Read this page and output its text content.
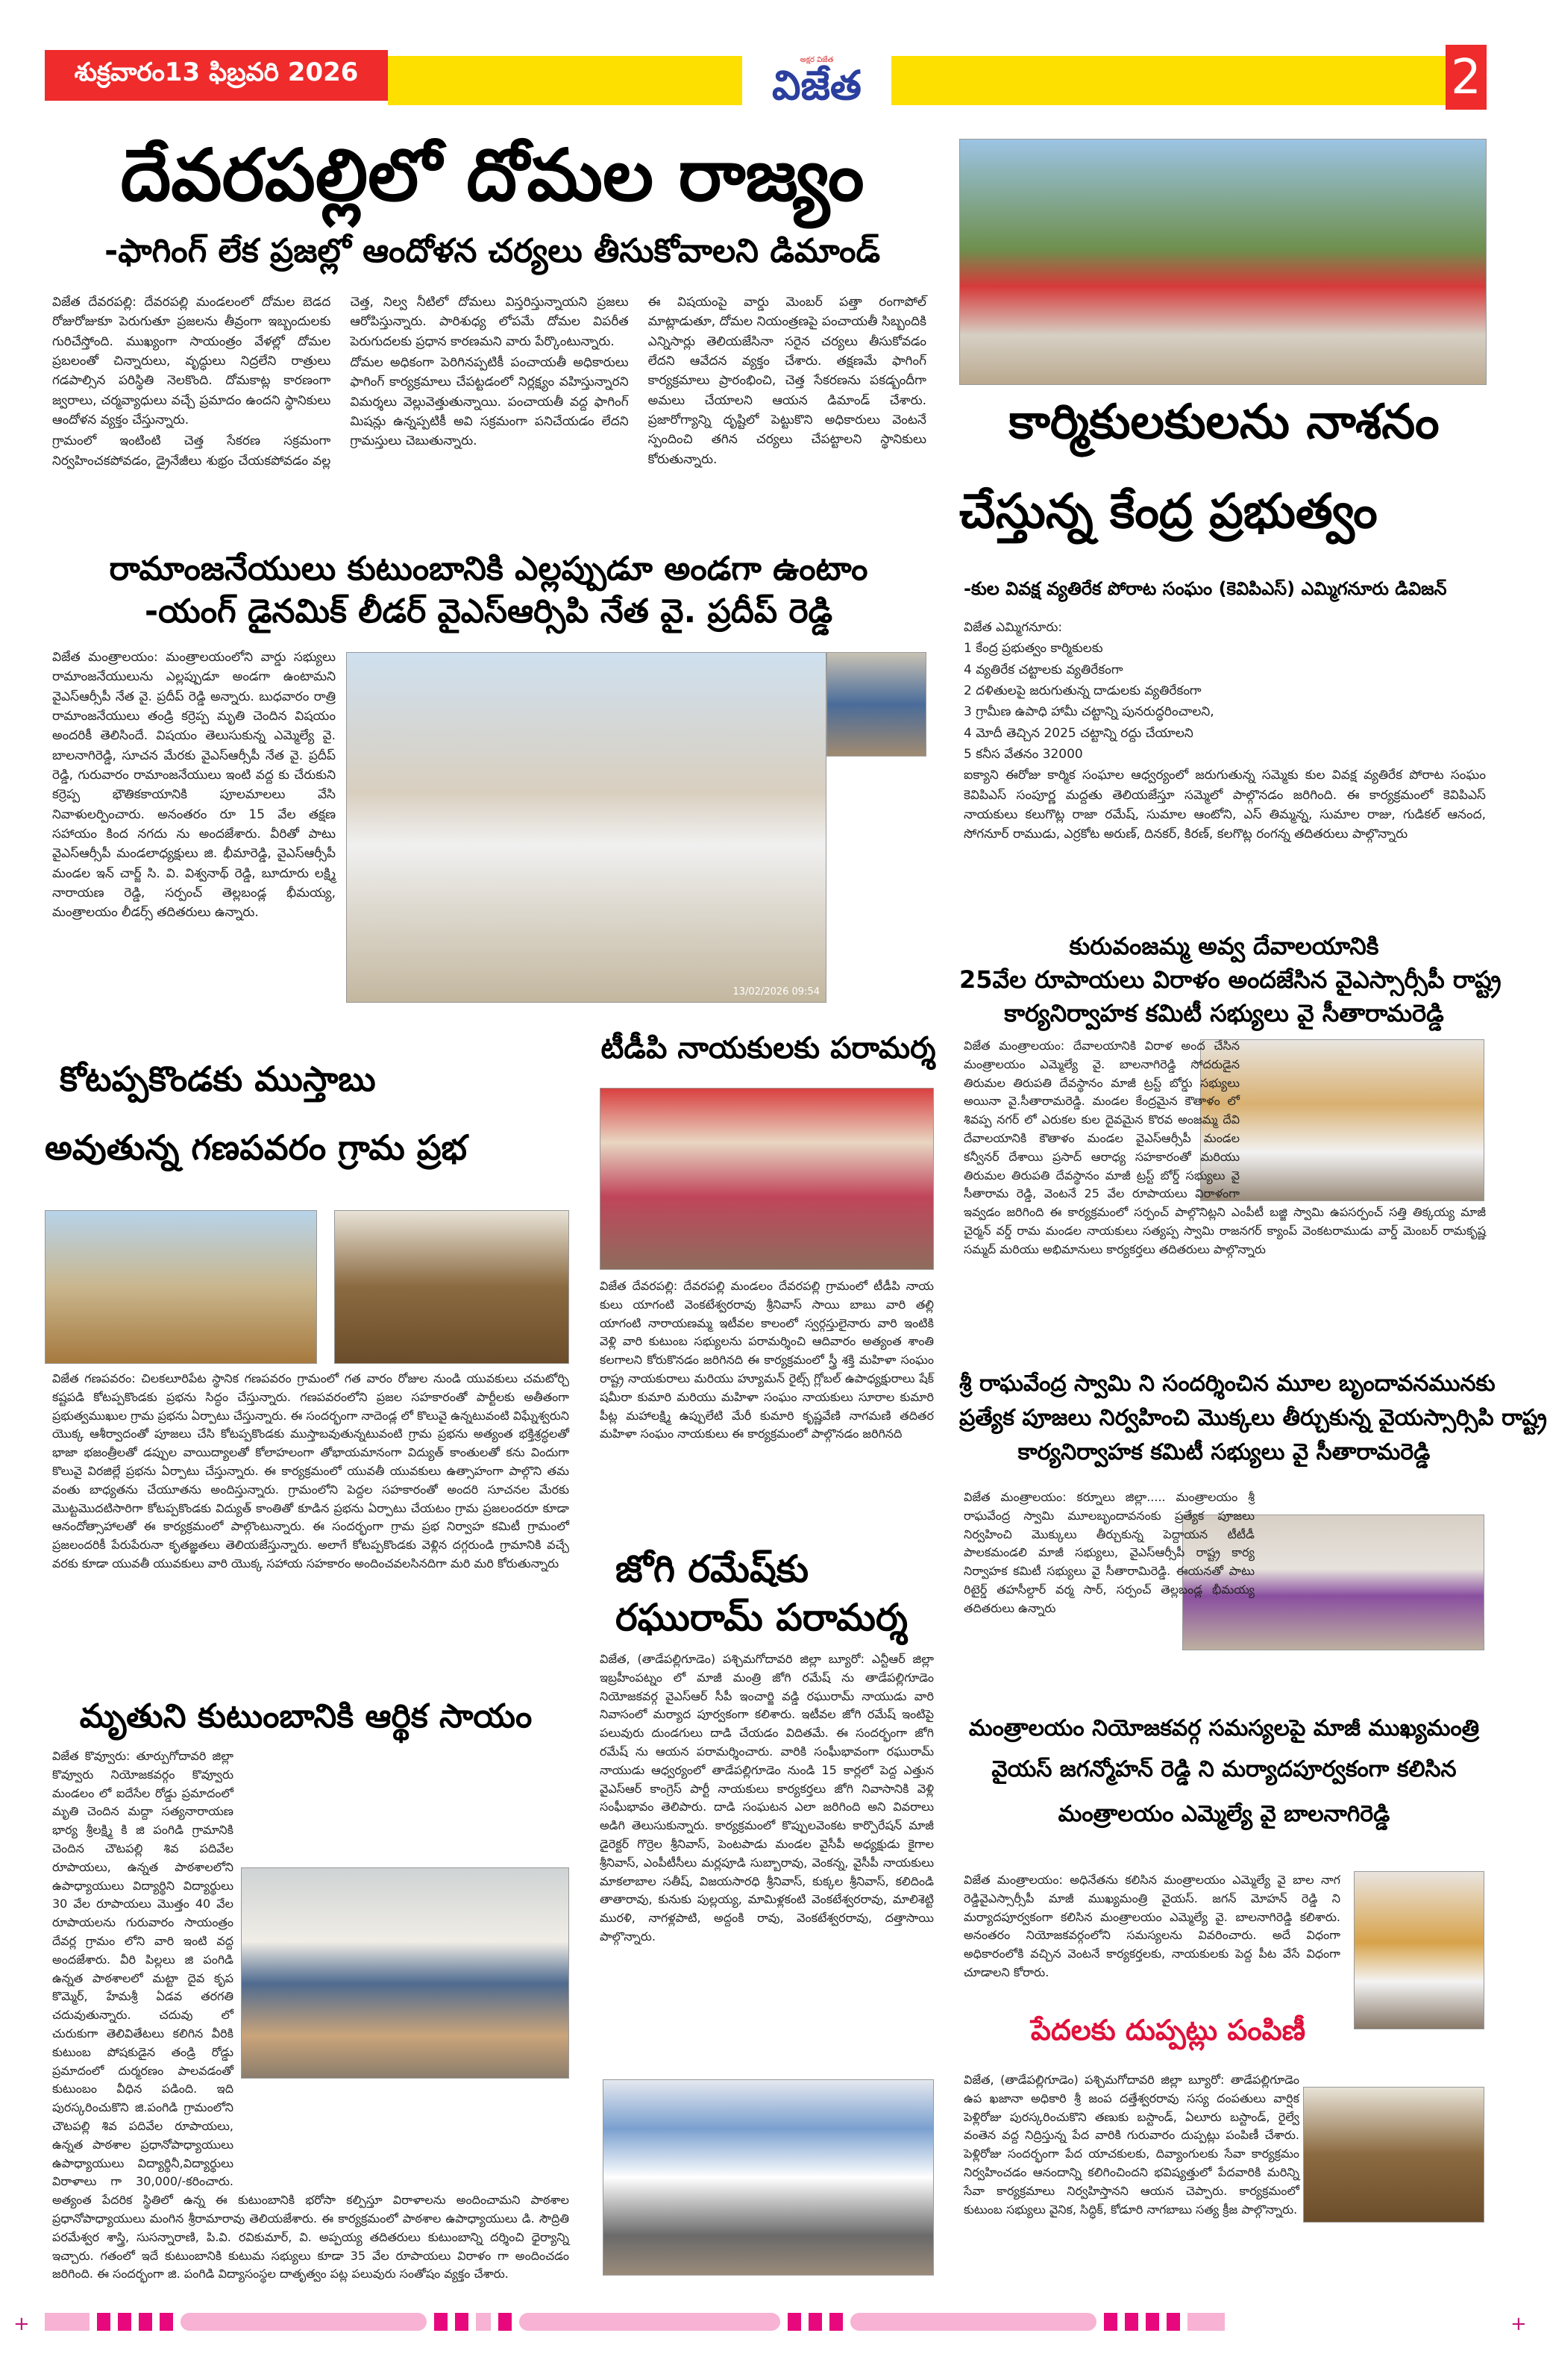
శుక్రవారం13 ఫిబ్రవరి 2026	అక్షర విజేత
విజేత	2
దేవరపల్లిలో దోమల రాజ్యం
-ఫాగింగ్ లేక ప్రజల్లో ఆందోళన చర్యలు తీసుకోవాలని డిమాండ్

విజేత దేవరపల్లి: దేవరపల్లి మండలంలో దోమల బెడద రోజురోజుకూ పెరుగుతూ ప్రజలను తీవ్రంగా ఇబ్బందులకు గురిచేస్తోంది. ముఖ్యంగా సాయంత్రం వేళల్లో దోమల ప్రబలంతో చిన్నారులు, వృద్ధులు నిద్రలేని రాత్రులు గడపాల్సిన పరిస్థితి నెలకొంది. దోమకాట్ల కారణంగా జ్వరాలు, చర్మవ్యాధులు వచ్చే ప్రమాదం ఉందని స్థానికులు ఆందోళన వ్యక్తం చేస్తున్నారు.

గ్రామంలో ఇంటింటి చెత్త సేకరణ సక్రమంగా నిర్వహించకపోవడం, డ్రైనేజీలు శుభ్రం చేయకపోవడం వల్ల చెత్త, నిల్వ నీటిలో దోమలు విస్తరిస్తున్నాయని ప్రజలు ఆరోపిస్తున్నారు. పారిశుధ్య లోపమే దోమల విపరీత పెరుగుదలకు ప్రధాన కారణమని వారు పేర్కొంటున్నారు.

దోమల అధికంగా పెరిగినప్పటికీ పంచాయతీ అధికారులు ఫాగింగ్ కార్యక్రమాలు చేపట్టడంలో నిర్లక్ష్యం వహిస్తున్నారని విమర్శలు వెల్లువెత్తుతున్నాయి. పంచాయతీ వద్ద ఫాగింగ్ మిషన్లు ఉన్నప్పటికీ అవి సక్రమంగా పనిచేయడం లేదని గ్రామస్తులు చెబుతున్నారు.

ఈ విషయంపై వార్డు మెంబర్ పత్తా రంగాపోల్ మాట్లాడుతూ, దోమల నియంత్రణపై పంచాయతీ సిబ్బందికి ఎన్నిసార్లు తెలియజేసినా సరైన చర్యలు తీసుకోవడం లేదని ఆవేదన వ్యక్తం చేశారు. తక్షణమే ఫాగింగ్ కార్యక్రమాలు ప్రారంభించి, చెత్త సేకరణను పకడ్బందీగా అమలు చేయాలని ఆయన డిమాండ్ చేశారు. ప్రజారోగ్యాన్ని దృష్టిలో పెట్టుకొని అధికారులు వెంటనే స్పందించి తగిన చర్యలు చేపట్టాలని స్థానికులు కోరుతున్నారు.

రామాంజనేయులు కుటుంబానికి ఎల్లప్పుడూ అండగా ఉంటాం
-యంగ్ డైనమిక్ లీడర్ వైఎస్ఆర్సిపి నేత వై. ప్రదీప్ రెడ్డి
విజేత మంత్రాలయం: మంత్రాలయంలోని వార్డు సభ్యులు రామాంజనేయులును ఎల్లప్పుడూ అండగా ఉంటామని వైఎస్ఆర్సీపీ నేత వై. ప్రదీప్ రెడ్డి అన్నారు. బుధవారం రాత్రి రామాంజనేయులు తండ్రి కర్రెప్ప మృతి చెందిన విషయం అందరికీ తెలిసిందే. విషయం తెలుసుకున్న ఎమ్మెల్యే వై. బాలనాగిరెడ్డి, సూచన మేరకు వైఎస్ఆర్సీపీ నేత వై. ప్రదీప్ రెడ్డి, గురువారం రామాంజనేయులు ఇంటి వద్ద కు చేరుకుని కర్రెప్ప భౌతికకాయానికి పూలమాలలు వేసి నివాళులర్పించారు. అనంతరం రూ 15 వేల తక్షణ సహాయం కింద నగదు ను అందజేశారు. వీరితో పాటు వైఎస్ఆర్సీపీ మండలాధ్యక్షులు జి. భీమారెడ్డి, వైఎస్ఆర్సీపీ మండల ఇన్ చార్జ్ సి. వి. విశ్వనాథ్ రెడ్డి, బూదూరు లక్ష్మి నారాయణ రెడ్డి, సర్పంచ్ తెల్లబండ్ల భీమయ్య, మంత్రాలయం లీడర్స్ తదితరులు ఉన్నారు.
13/02/2026 09:54
కార్మికులకులను నాశనం
చేస్తున్న కేంద్ర ప్రభుత్వం
-కుల వివక్ష వ్యతిరేక పోరాట సంఘం (కెవిపిఎస్) ఎమ్మిగనూరు డివిజన్

విజేత ఎమ్మిగనూరు:

1 కేంద్ర ప్రభుత్వం కార్మికులకు

4 వ్యతిరేక చట్టాలకు వ్యతిరేకంగా

2 దళితులపై జరుగుతున్న దాడులకు వ్యతిరేకంగా

3 గ్రామీణ ఉపాధి హామీ చట్టాన్ని పునరుద్ధరించాలని,

4 మోదీ తెచ్చిన 2025 చట్టాన్ని రద్దు చేయాలని

5 కనీస వేతనం 32000

ఐక్యాని ఈరోజు కార్మిక సంఘాల ఆధ్వర్యంలో జరుగుతున్న సమ్మెకు కుల వివక్ష వ్యతిరేక పోరాట సంఘం కెవిపిఎస్ సంపూర్ణ మద్దతు తెలియజేస్తూ సమ్మెలో పాల్గొనడం జరిగింది. ఈ కార్యక్రమంలో కెవిపిఎస్ నాయకులు కలుగొట్ల రాజా రమేష్, సుమాల ఆంటోని, ఎస్ తిమ్మన్న, సుమాల రాజు, గుడికల్ ఆనంద, సోగనూర్ రాముడు, ఎర్రకోట అరుణ్, దినకర్, కిరణ్, కలగొట్ల రంగన్న తదితరులు పాల్గొన్నారు

కురువంజమ్మ అవ్వ దేవాలయానికి
25వేల రూపాయలు విరాళం అందజేసిన వైఎస్సార్సీపీ రాష్ట్ర
కార్యనిర్వాహక కమిటీ సభ్యులు వై సీతారామరెడ్డి
విజేత మంత్రాలయం: దేవాలయానికి విరాళ అంద చేసిన మంత్రాలయం ఎమ్మెల్యే వై. బాలనాగిరెడ్డి సోదరుడైన తిరుమల తిరుపతి దేవస్థానం మాజీ ట్రస్ట్ బోర్డు సభ్యులు అయినా వై.సీతారామరెడ్డి. మండల కేంద్రమైన కౌతాళం లో శివప్ప నగర్ లో ఎరుకల కుల దైవమైన కొరవ అంజమ్మ దేవి దేవాలయానికి కౌతాళం మండల వైఎస్ఆర్సీపీ మండల కన్వీనర్ దేశాయి ప్రసాద్ ఆరాధ్య సహకారంతో మరియు తిరుమల తిరుపతి దేవస్థానం మాజీ ట్రస్ట్ బోర్డ్ సభ్యులు వై సీతారామ రెడ్డి, వెంటనే 25 వేల రూపాయలు విరాళంగా ఇవ్వడం జరిగింది ఈ కార్యక్రమంలో సర్పంచ్ పాల్గొనిట్లని ఎంపీటీ బజ్జి స్వామి ఉపసర్పంచ్ సత్తి తిక్కయ్య మాజీ చైర్మన్ వర్డ్ రామ మండల నాయకులు సత్యప్ప స్వామి రాజనగర్ క్యాంప్ వెంకటరాముడు వార్డ్ మెంబర్ రామకృష్ణ సమ్మద్ మరియు అభిమానులు కార్యకర్తలు తదితరులు పాల్గొన్నారు
శ్రీ రాఘవేంద్ర స్వామి ని సందర్శించిన మూల బృందావనమునకు
ప్రత్యేక పూజలు నిర్వహించి మొక్కలు తీర్చుకున్న వైయస్సార్సిపి రాష్ట్ర
కార్యనిర్వాహక కమిటీ సభ్యులు వై సీతారామరెడ్డి
విజేత మంత్రాలయం: కర్నూలు జిల్లా..... మంత్రాలయం శ్రీ రాఘవేంద్ర స్వామి మూలబృందావనంకు ప్రత్యేక పూజలు నిర్వహించి మొక్కులు తీర్చుకున్న పెద్దాయన టీటీడీ పాలకమండలి మాజీ సభ్యులు, వైఎస్ఆర్సీపీ రాష్ట్ర కార్య నిర్వాహక కమిటీ సభ్యులు వై సీతారామిరెడ్డి. ఈయనతో పాటు రిటైర్డ్ తహసీల్దార్ వర్మ సార్, సర్పంచ్ తెల్లబండ్ల భీమయ్య తదితరులు ఉన్నారు
మంత్రాలయం నియోజకవర్గ సమస్యలపై మాజీ ముఖ్యమంత్రి
వైయస్ జగన్మోహన్ రెడ్డి ని మర్యాదపూర్వకంగా కలిసిన
మంత్రాలయం ఎమ్మెల్యే వై బాలనాగిరెడ్డి
విజేత మంత్రాలయం: అధినేతను కలిసిన మంత్రాలయం ఎమ్మెల్యే వై బాల నాగ రెడ్డివైఎస్సార్సీపీ మాజీ ముఖ్యమంత్రి వైయస్. జగన్ మోహన్ రెడ్డి ని మర్యాదపూర్వకంగా కలిసిన మంత్రాలయం ఎమ్మెల్యే వై. బాలనాగిరెడ్డి కలిశారు. అనంతరం నియోజకవర్గంలోని సమస్యలను వివరించారు. అదే విధంగా అధికారంలోకి వచ్చిన వెంటనే కార్యకర్తలకు, నాయకులకు పెద్ద పీట వేసే విధంగా చూడాలని కోరారు.
పేదలకు దుప్పట్లు పంపిణీ
విజేత, (తాడేపల్లిగూడెం) పశ్చిమగోదావరి జిల్లా బ్యూరో: తాడేపల్లిగూడెం ఉప ఖజానా అధికారి శ్రీ జంప దత్తేశ్వరరావు సస్య దంపతులు వార్షిక పెళ్లిరోజు పురస్కరించుకొని తణుకు బస్టాండ్, ఏలూరు బస్టాండ్, రైల్వే వంతెన వద్ద నిద్రిస్తున్న పేద వారికి గురువారం దుప్పట్లు పంపిణీ చేశారు. పెళ్లిరోజు సందర్భంగా పేద యాచకులకు, దివ్యాంగులకు సేవా కార్యక్రమం నిర్వహించడం ఆనందాన్ని కలిగించిందని భవిష్యత్తులో పేదవారికి మరిన్ని సేవా కార్యక్రమాలు నిర్వహిస్తానని ఆయన చెప్పారు. కార్యక్రమంలో కుటుంబ సభ్యులు వైనిక, సిద్ధిక్, కోడూరి నాగబాబు సత్య క్రీజ పాల్గొన్నారు.
కోటప్పకొండకు ముస్తాబు
అవుతున్న గణపవరం గ్రామ ప్రభ
విజేత గణపవరం: చిలకలూరిపేట స్థానిక గణపవరం గ్రామంలో గత వారం రోజుల నుండి యువకులు చమటోర్చి కష్టపడి కోటప్పకొండకు ప్రభను సిద్ధం చేస్తున్నారు. గణపవరంలోని ప్రజల సహకారంతో పార్టీలకు అతీతంగా ప్రభుత్వముఖుల గ్రామ ప్రభను ఏర్పాటు చేస్తున్నారు. ఈ సందర్భంగా నాదెండ్ల లో కొలువై ఉన్నటువంటి విఘ్నేశ్వరుని యొక్క ఆశీర్వాదంతో పూజలు చేసి కోటప్పకొండకు ముస్తాబవుతున్నటువంటి గ్రామ ప్రభను అత్యంత భక్తిశ్రద్ధలతో భాజా భజంత్రీలతో డప్పుల వాయిద్యాలతో కోలాహలంగా తోభాయమానంగా విద్యుత్ కాంతులతో కను విందుగా కొలువై విరజిల్లే ప్రభను ఏర్పాటు చేస్తున్నారు. ఈ కార్యక్రమంలో యువతీ యువకులు ఉత్సాహంగా పాల్గొని తమ వంతు బాధ్యతను చేయూతను అందిస్తున్నారు. గ్రామంలోని పెద్దల సహకారంతో అందరి సూచనల మేరకు మొట్టమొదటిసారిగా కోటప్పకొండకు విద్యుత్ కాంతితో కూడిన ప్రభను ఏర్పాటు చేయటం గ్రామ ప్రజలందరూ కూడా ఆనందోత్సాహాలతో ఈ కార్యక్రమంలో పాల్గొంటున్నారు. ఈ సందర్భంగా గ్రామ ప్రభ నిర్వాహ కమిటీ గ్రామంలో ప్రజలందరికీ పేరుపేరునా కృతజ్ఞతలు తెలియజేస్తున్నారు. అలాగే కోటప్పకొండకు వెళ్లిన దగ్గరుండి గ్రామానికి వచ్చే వరకు కూడా యువతీ యువకులు వారి యొక్క సహాయ సహకారం అందించవలసినదిగా మరి మరి కోరుతున్నారు
మృతుని కుటుంబానికి ఆర్థిక సాయం
విజేత కొవ్వూరు: తూర్పుగోదావరి జిల్లా కొవ్వూరు నియోజకవర్గం కొవ్వూరు మండలం లో ఐదేసేల రోడ్డు ప్రమాదంలో మృతి చెందిన మద్దా సత్యనారాయణ భార్య శ్రీలక్ష్మి కి జి పంగిడి గ్రామానికి చెందిన చౌటపల్లి శివ పదివేల రూపాయలు, ఉన్నత పాఠశాలలోని ఉపాధ్యాయులు విద్యార్థిని విద్యార్థులు 30 వేల రూపాయలు మొత్తం 40 వేల రూపాయలను గురువారం సాయంత్రం దేవర్ల గ్రామం లోని వారి ఇంటి వద్ద అందజేశారు. వీరి పిల్లలు జి పంగిడి ఉన్నత పాఠశాలలో మట్టా దైవ కృప కొమ్మెర్, హేమశ్రీ ఏడవ తరగతి చదువుతున్నారు. చదువు లో చురుకుగా తెలివితేటలు కలిగిన వీరికి కుటుంబ పోషకుడైన తండ్రి రోడ్డు ప్రమాదంలో దుర్మరణం పాలవడంతో కుటుంబం వీధిన పడింది. ఇది పురస్కరించుకొని జి.పంగిడి గ్రామంలోని చౌటపల్లి శివ పదివేల రూపాయలు, ఉన్నత పాఠశాల ప్రధానోపాధ్యాయులు ఉపాధ్యాయులు విద్యార్థినీ,విద్యార్థులు విరాళాలు గా 30,000/-కరించారు. అత్యంత పేదరిక స్థితిలో ఉన్న ఈ కుటుంబానికి భరోసా కల్పిస్తూ విరాళాలను అందించామని పాఠశాల ప్రధానోపాధ్యాయులు మంగిన శ్రీరామారావు తెలియజేశారు. ఈ కార్యక్రమంలో పాఠశాల ఉపాధ్యాయులు డి. సౌద్రితి పరమేశ్వర శాస్త్రి, సుసన్నారాణి, పి.వి. రవికుమార్, వి. అప్పయ్య తదితరులు కుటుంబాన్ని దర్శించి ధైర్యాన్ని ఇచ్చారు. గతంలో ఇదే కుటుంబానికి కుటుమ సభ్యులు కూడా 35 వేల రూపాయలు విరాళం గా అందించడం జరిగింది. ఈ సందర్భంగా జి. పంగిడి విద్యాసంస్థల దాతృత్వం పట్ల పలువురు సంతోషం వ్యక్తం చేశారు.
టీడీపి నాయకులకు పరామర్శ
విజేత దేవరపల్లి: దేవరపల్లి మండలం దేవరపల్లి గ్రామంలో టీడీపి నాయ కులు యాగంటి వెంకటేశ్వరరావు శ్రీనివాస్ సాయి బాబు వారి తల్లి యాగంటి నారాయణమ్మ ఇటీవల కాలంలో స్వర్గస్తులైనారు వారి ఇంటికి వెళ్లి వారి కుటుంబ సభ్యులను పరామర్శించి ఆదివారం అత్యంత శాంతి కలగాలని కోరుకొనడం జరిగినది ఈ కార్యక్రమంలో స్త్రీ శక్తి మహిళా సంఘం రాష్ట్ర నాయకురాలు మరియు హ్యూమన్ రైట్స్ గ్లోబల్ ఉపాధ్యక్షురాలు షేక్ షమీరా కుమారి మరియు మహిళా సంఘం నాయకులు సూరాల కుమారి పీట్ల మహాలక్ష్మి ఉప్పులేటి మేరీ కుమారి కృష్ణవేణి నాగమణి తదితర మహిళా సంఘం నాయకులు ఈ కార్యక్రమంలో పాల్గొనడం జరిగినది
జోగి రమేష్‌కు
రఘురామ్ పరామర్శ
విజేత, (తాడేపల్లిగూడెం) పశ్చిమగోదావరి జిల్లా బ్యూరో: ఎన్టీఆర్ జిల్లా ఇబ్రహీంపట్నం లో మాజీ మంత్రి జోగి రమేష్ ను తాడేపల్లిగూడెం నియోజకవర్గ వైఎస్ఆర్ సీపీ ఇంచార్జి వడ్డి రఘురామ్ నాయుడు వారి నివాసంలో మర్యాద పూర్వకంగా కలిశారు. ఇటీవల జోగి రమేష్ ఇంటిపై పలువురు దుండగులు దాడి చేయడం విదితమే. ఈ సందర్భంగా జోగి రమేష్ ను ఆయన పరామర్శించారు. వారికి సంఘీభావంగా రఘురామ్ నాయుడు ఆధ్వర్యంలో తాడేపల్లిగూడెం నుండి 15 కార్లలో పెద్ద ఎత్తున వైఎస్ఆర్ కాంగ్రెస్ పార్టీ నాయకులు కార్యకర్తలు జోగి నివాసానికి వెళ్లి సంఘీభావం తెలిపారు. దాడి సంఘటన ఎలా జరిగింది అని వివరాలు అడిగి తెలుసుకున్నారు. కార్యక్రమంలో కొప్పులవెంకట కార్పొరేషన్ మాజీ డైరెక్టర్ గొర్రెల శ్రీనివాస్, పెంటపాడు మండల వైసీపీ అధ్యక్షుడు కైగాల శ్రీనివాస్, ఎంపీటీసీలు మర్లపూడి సుబ్బారావు, వెంకన్న, వైసీపీ నాయకులు మాకలాబాల సతీష్, విజయసారధి శ్రీనివాస్, కుక్కల శ్రీనివాస్, కలిదిండి తాతారావు, కునుకు పుల్లయ్య, మామిళ్లకంటి వెంకటేశ్వరరావు, మాలిశెట్టి మురళి, నాగళ్లపాటి, అద్దంకి రావు, వెంకటేశ్వరరావు, దత్తాసాయి పాల్గొన్నారు.
+	+
